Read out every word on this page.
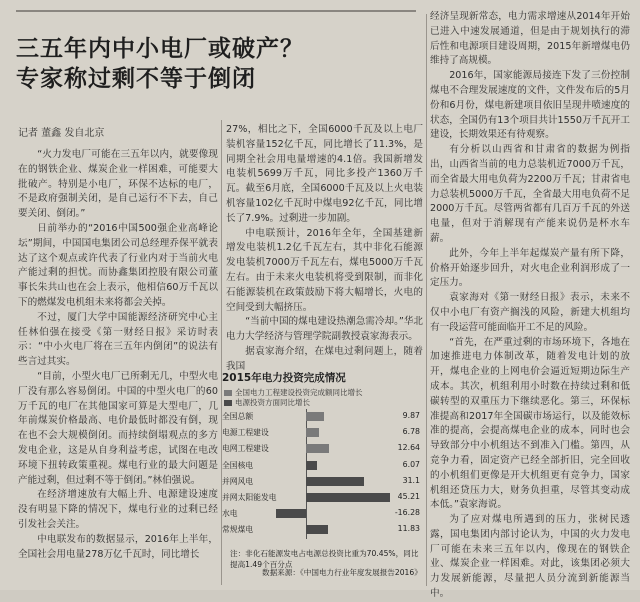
三五年内中小电厂或破产？
专家称过剩不等于倒闭
记者 董鑫 发自北京

“火力发电厂可能在三五年以内，就要像现在的钢铁企业、煤炭企业一样困难，可能要大批破产。特别是小电厂，环保不达标的电厂，不是政府强制关闭，是自己运行不下去，自己要关闭、倒闭。”

日前举办的“2016中国500强企业高峰论坛”期间，中国国电集团公司总经理乔保平就表达了这个观点或许代表了行业内对于当前火电产能过剩的担忧。而协鑫集团控股有限公司董事长朱共山也在会上表示，他相信60万千瓦以下的燃煤发电机组未来将都会关掉。

不过，厦门大学中国能源经济研究中心主任林伯强在接受《第一财经日报》采访时表示：“中小火电厂将在三五年内倒闭”的说法有些言过其实。

“目前，小型火电厂已所剩无几，中型火电厂没有那么容易倒闭。中国的中型火电厂的60万千瓦的电厂在其他国家可算是大型电厂，几年前煤炭价格最高、电价最低时都没有倒，现在也不会大规模倒闭。而持续倒塌观点的多方发电企业，这是从自身利益考虑，试图在电改环境下扭转政策重视。煤电行业的最大问题是产能过剩，但过剩不等于倒闭。”林伯强说。

在经济增速放有大幅上升、电源建设速度没有明显下降的情况下，煤电行业的过剩已经引发社会关注。

中电联发布的数据显示，2016年上半年，全国社会用电量278万亿千瓦时，同比增长

27%，相比之下，全国6000千瓦及以上电厂装机容量152亿千瓦，同比增长了11.3%，是同期全社会用电量增速的4.1倍。我国新增发电装机5699万千瓦，同比多投产1360万千瓦。截至6月底，全国6000千瓦及以上火电装机容量102亿千瓦时中煤电92亿千瓦，同比增长了7.9%。过剩进一步加剧。

中电联预计，2016年全年，全国基建新增发电装机1.2亿千瓦左右，其中非化石能源发电装机7000万千瓦左右，煤电5000万千瓦左右。由于未来火电装机将受到限制，而非化石能源装机在政策鼓励下将大幅增长，火电的空间受到大幅挤压。

“当前中国的煤电建设热潮急需冷却。”华北电力大学经济与管理学院副教授袁家海表示。

据袁家海介绍，在煤电过剩问题上，随着我国

经济呈现新常态，电力需求增速从2014年开始已进入中速发展通道，但是由于规划执行的滞后性和电源项目建设周期，2015年新增煤电仍维持了高规模。

2016年，国家能源局接连下发了三份控制煤电不合理发展速度的文件，文件发布后的5月份和6月份，煤电新建项目依旧呈现井喷速度的状态，全国仍有13个项目共计1550万千瓦开工建设，长期效果还有待观察。

有分析以山西省和甘肃省的数据为例指出，山西省当前的电力总装机近7000万千瓦，而全省最大用电负荷为2200万千瓦；甘肃省电力总装机5000万千瓦，全省最大用电负荷不足2000万千瓦。尽管两省都有几百万千瓦的外送电量，但对于消解现有产能来说仍是杯水车薪。

此外，今年上半年起煤炭产量有所下降，价格开始逐步回升，对火电企业利润形成了一定压力。

袁家海对《第一财经日报》表示，未来不仅中小电厂有资产搁浅的风险，新建大机组均有一段运营可能面临开工不足的风险。

“首先，在严重过剩的市场环境下，各地在加速推进电力体制改革，随着发电计划的放开，煤电企业的上网电价会逼近短期边际生产成本。其次，机组利用小时数在持续过剩和低碳转型的双重压力下继续恶化。第三，环保标准提高和2017年全国碳市场运行，以及能效标准的提高，会提高煤电企业的成本，同时也会导致部分中小机组达不到准入门槛。第四，从竞争力看，固定资产已经全部折旧，完全回收的小机组们更像是开大机组更有竞争力，国家机组还贷压力大，财务负担重，尽管其变动成本低。”袁家海说。

为了应对煤电所遇到的压力，张树民透露，国电集团内部讨论认为，中国的火力发电厂可能在未来三五年以内，像现在的钢铁企业、煤炭企业一样困难。对此，该集团必须大力发展新能源，尽量把人员分流到新能源当中。

2015年电力投资完成情况
全国电力工程建设投资完成额同比增长
电源投资方面同比增长
注：非化石能源发电占电源总投资比重为70.45%，同比提高1.49个百分点
数据来源：《中国电力行业年度发展报告2016》
全国总额	9.87
电源工程建设	6.78
电网工程建设	12.64
全国核电	6.07
并网风电	31.1
并网太阳能发电	45.21
水电	-16.28
常规煤电	11.83
